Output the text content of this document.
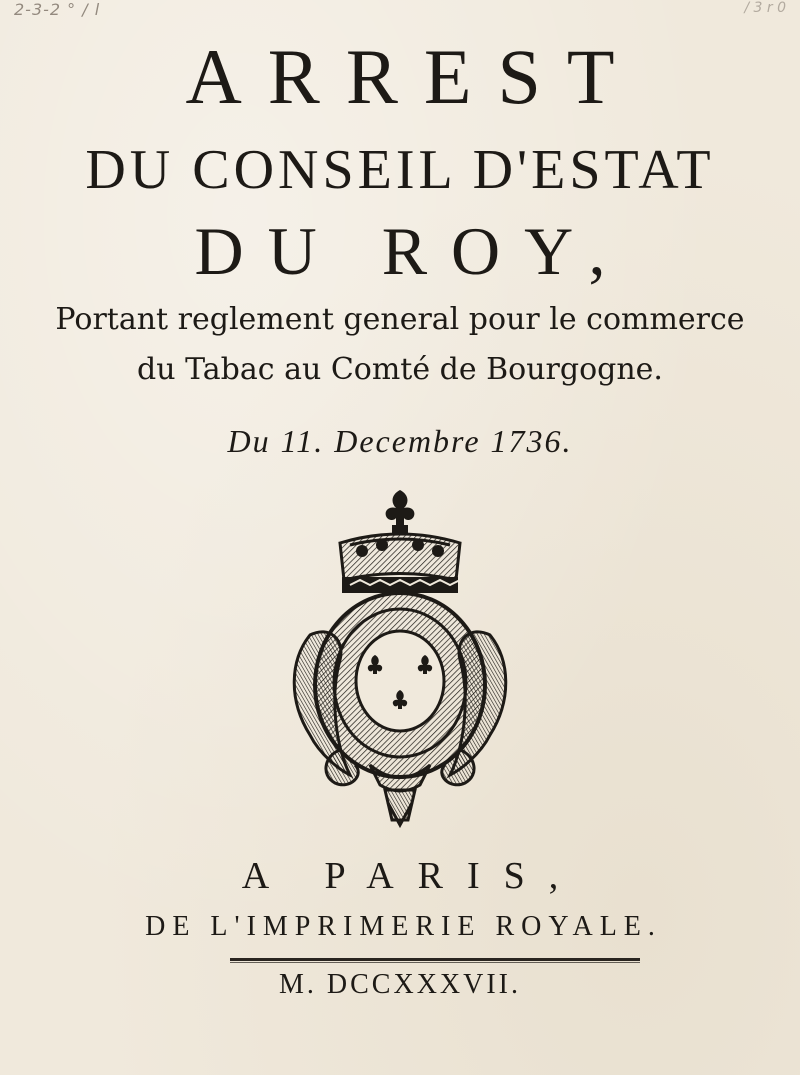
2-3-2 ° / l	/ 3 r 0
ARREST
DU CONSEIL D'ESTAT
DU ROY,
Portant reglement general pour le commerce
du Tabac au Comté de Bourgogne.
Du 11. Decembre 1736.
A PARIS,
DE L'IMPRIMERIE ROYALE.
M. DCCXXXVII.
